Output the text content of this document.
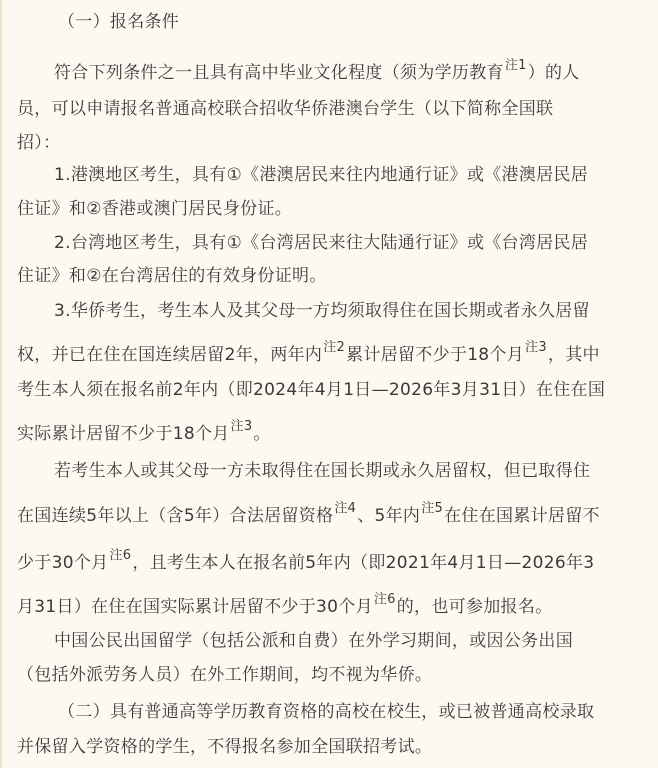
（一）报名条件
符合下列条件之一且具有高中毕业文化程度（须为学历教育$^{注1}$）的人
员，可以申请报名普通高校联合招收华侨港澳台学生（以下简称全国联
招）：
1.港澳地区考生，具有①《港澳居民来往内地通行证》或《港澳居民居
住证》和②香港或澳门居民身份证。
2.台湾地区考生，具有①《台湾居民来往大陆通行证》或《台湾居民居
住证》和②在台湾居住的有效身份证明。
3.华侨考生，考生本人及其父母一方均须取得住在国长期或者永久居留
权，并已在住在国连续居留2年，两年内$^{注2}$累计居留不少于18个月$^{注3}$，其中
考生本人须在报名前2年内（即2024年4月1日—2026年3月31日）在住在国
实际累计居留不少于18个月$^{注3}$。
若考生本人或其父母一方未取得住在国长期或永久居留权，但已取得住
在国连续5年以上（含5年）合法居留资格$^{注4}$、5年内$^{注5}$在住在国累计居留不
少于30个月$^{注6}$，且考生本人在报名前5年内（即2021年4月1日—2026年3
月31日）在住在国实际累计居留不少于30个月$^{注6}$的，也可参加报名。
中国公民出国留学（包括公派和自费）在外学习期间，或因公务出国
（包括外派劳务人员）在外工作期间，均不视为华侨。
（二）具有普通高等学历教育资格的高校在校生，或已被普通高校录取
并保留入学资格的学生，不得报名参加全国联招考试。
